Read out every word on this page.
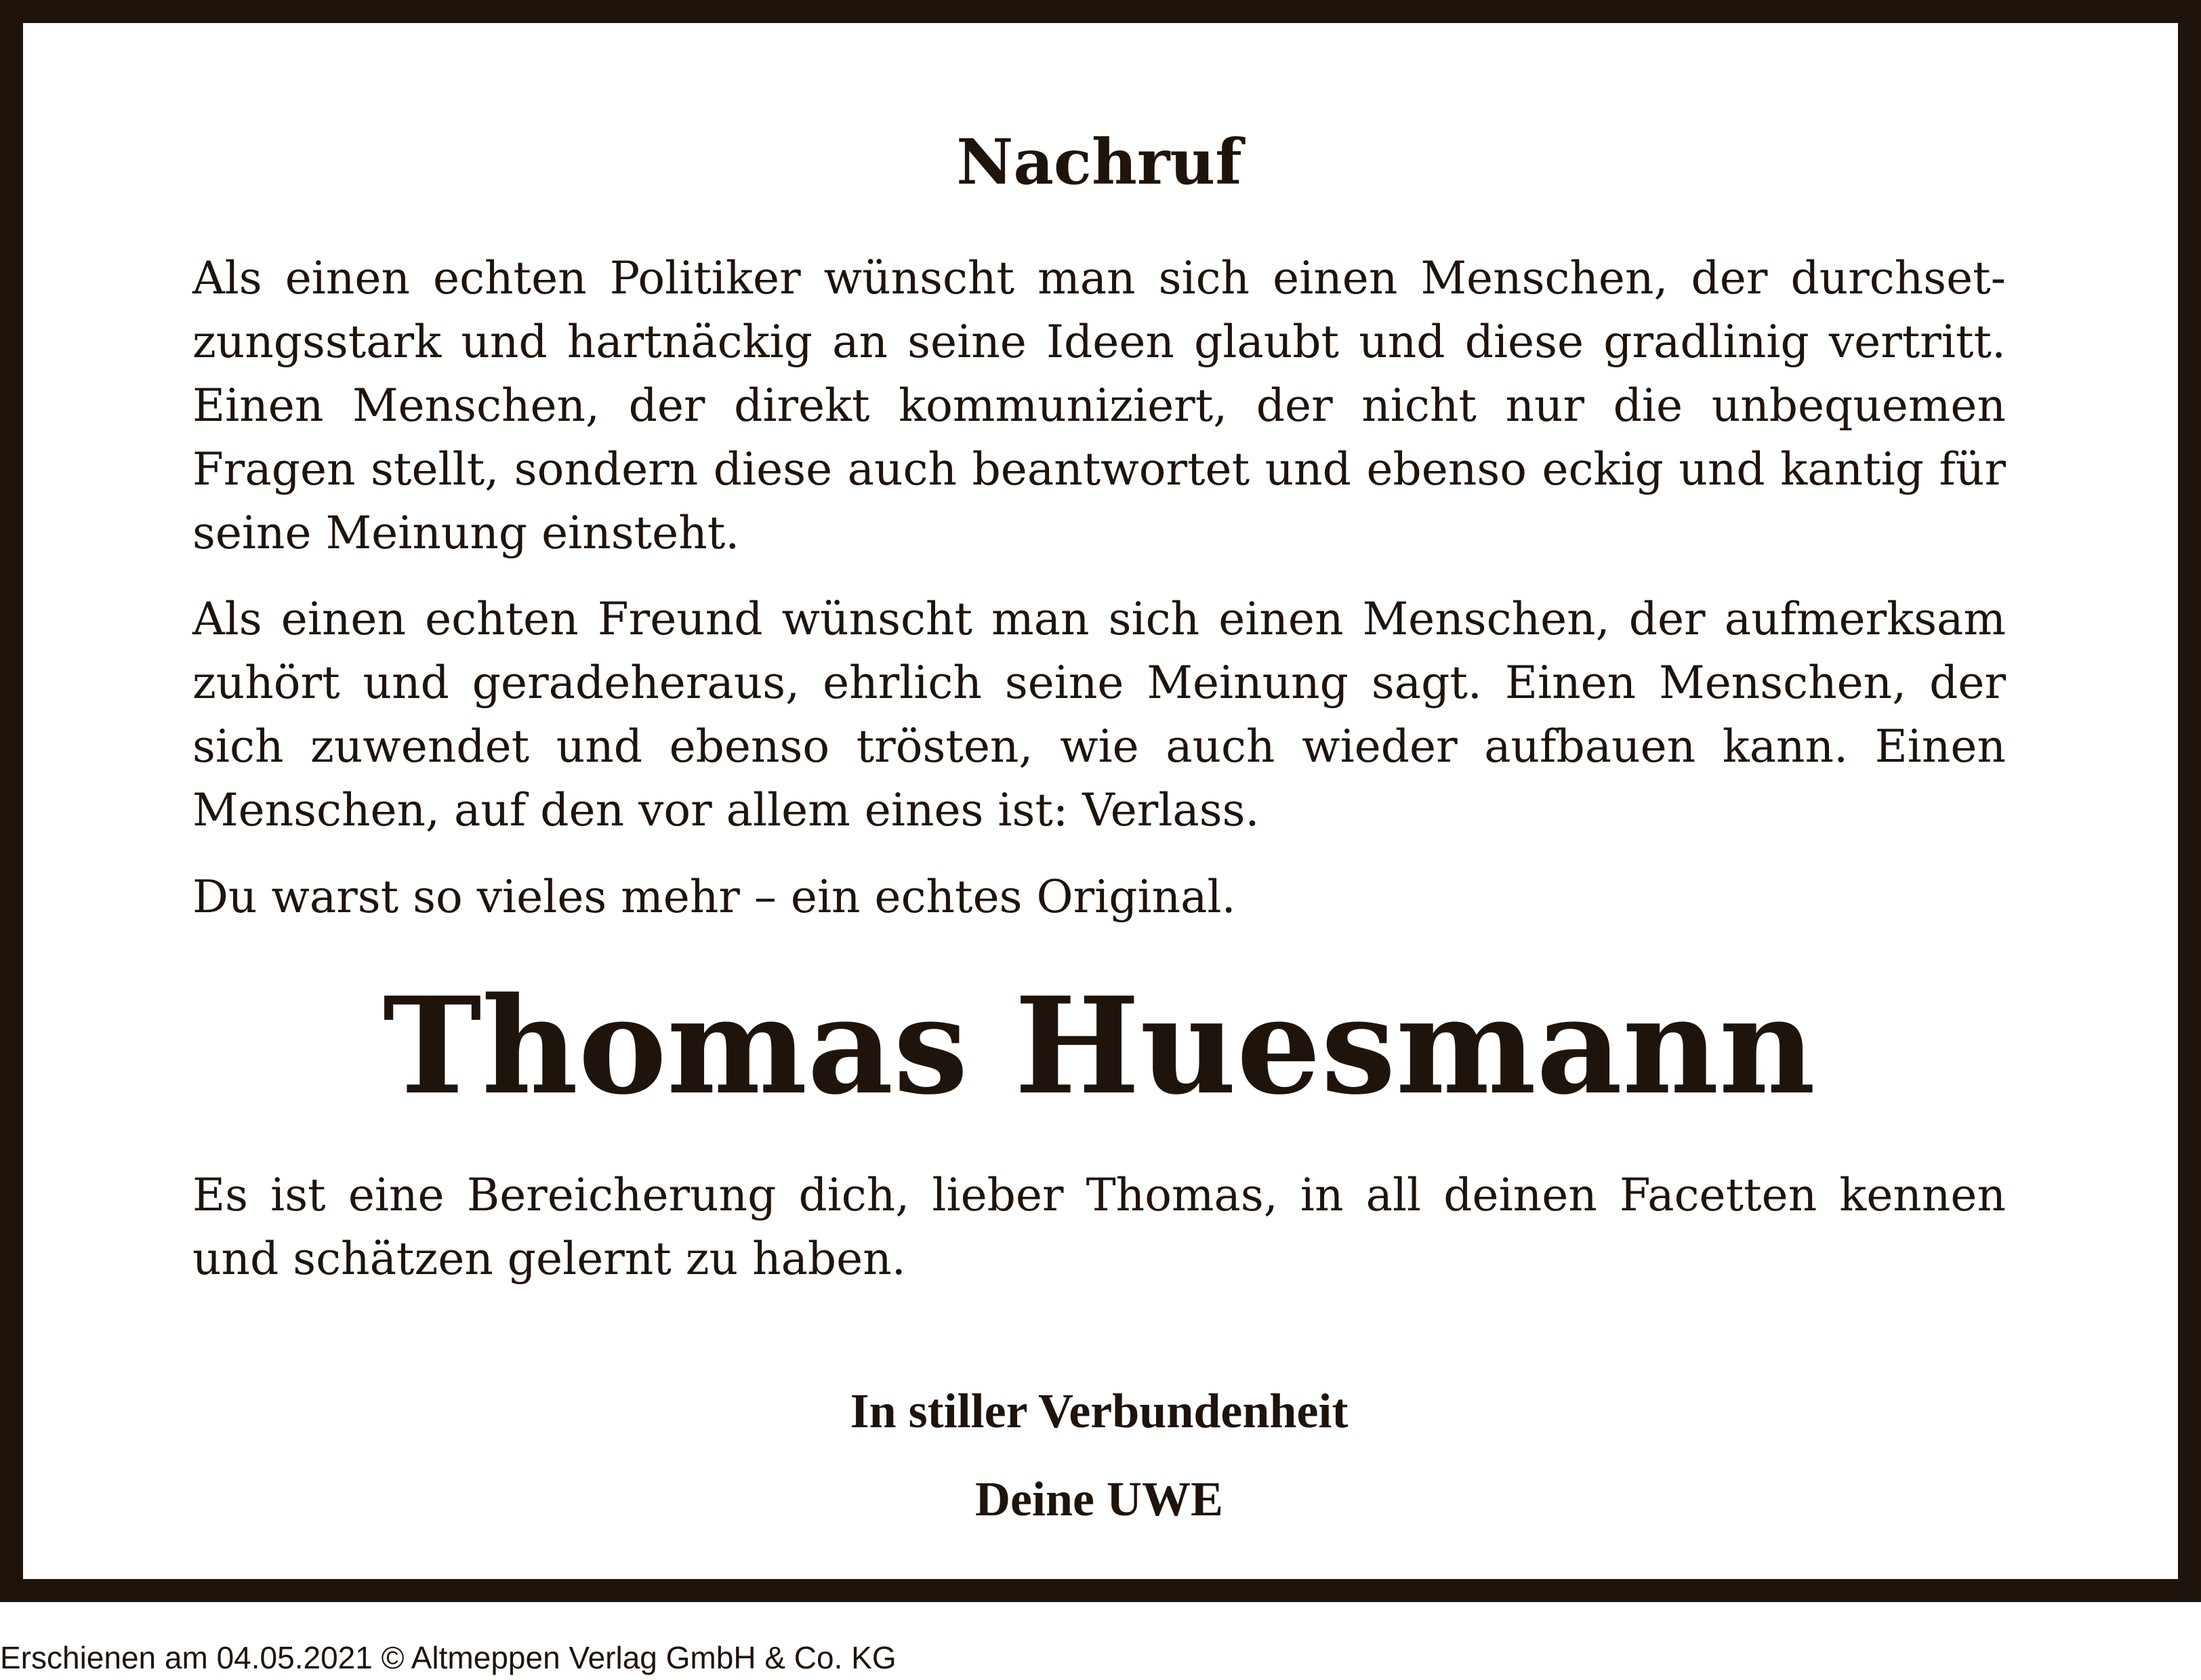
Nachruf

Als einen echten Politiker wünscht man sich einen Menschen, der durchsetzungsstark und hartnäckig an seine Ideen glaubt und diese gradlinig vertritt. Einen Menschen, der direkt kommuniziert, der nicht nur die unbequemen Fragen stellt, sondern diese auch beantwortet und ebenso eckig und kantig für seine Meinung einsteht.

Als einen echten Freund wünscht man sich einen Menschen, der aufmerksam zuhört und geradeheraus, ehrlich seine Meinung sagt. Einen Menschen, der sich zuwendet und ebenso trösten, wie auch wieder aufbauen kann. Einen Menschen, auf den vor allem eines ist: Verlass.

Du warst so vieles mehr – ein echtes Original.

Thomas Huesmann

Es ist eine Bereicherung dich, lieber Thomas, in all deinen Facetten kennen und schätzen gelernt zu haben.

In stiller Verbundenheit
Deine UWE
Erschienen am 04.05.2021 © Altmeppen Verlag GmbH & Co. KG
